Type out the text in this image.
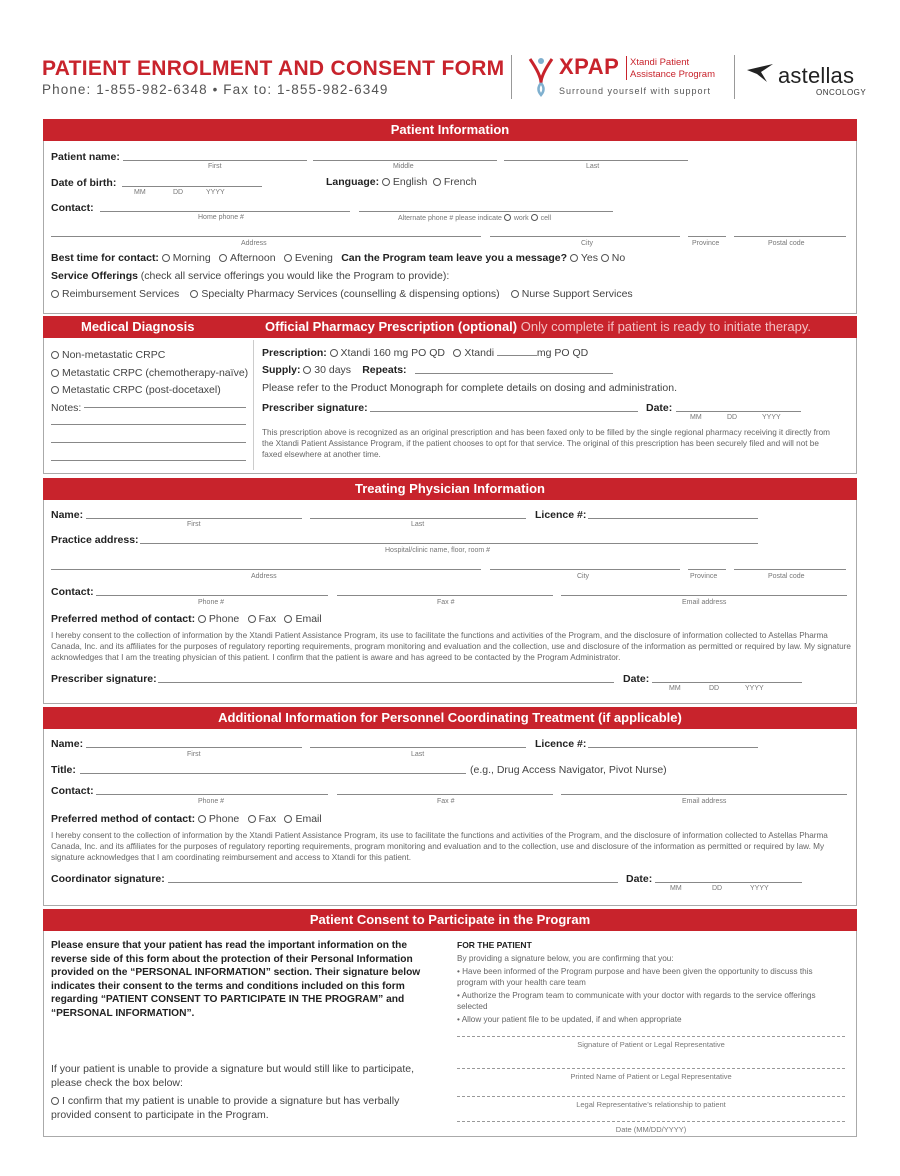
PATIENT ENROLMENT AND CONSENT FORM
Phone: 1-855-982-6348 • Fax to: 1-855-982-6349
XPAP Xtandi Patient
Assistance Program
Surround yourself with support
astellas
ONCOLOGY
Patient Information
Patient name:
First	Middle	Last
Date of birth:
MM	DD	YYYY
Language: English French
Contact:
Home phone #	Alternate phone # please indicate work cell
Address	City	Province	Postal code
Best time for contact: Morning Afternoon Evening Can the Program team leave you a message? Yes No
Service Offerings (check all service offerings you would like the Program to provide):
Reimbursement Services Specialty Pharmacy Services (counselling & dispensing options) Nurse Support Services
Medical Diagnosis	Official Pharmacy Prescription (optional) Only complete if patient is ready to initiate therapy.
Non-metastatic CRPC
Metastatic CRPC (chemotherapy-naïve)
Metastatic CRPC (post-docetaxel)
Notes:
Prescription: Xtandi 160 mg PO QD Xtandi	mg PO QD
Supply: 30 days Repeats:
Please refer to the Product Monograph for complete details on dosing and administration.
Prescriber signature:	Date:
MM	DD	YYYY
This prescription above is recognized as an original prescription and has been faxed only to be filled by the single regional pharmacy receiving it directly from the Xtandi Patient Assistance Program, if the patient chooses to opt for that service. The original of this prescription has been securely filed and will not be faxed elsewhere at another time.
Treating Physician Information
Name:
First	Last
Licence #:
Practice address:
Hospital/clinic name, floor, room #
Address	City	Province	Postal code
Contact:
Phone #	Fax #	Email address
Preferred method of contact: Phone Fax Email
I hereby consent to the collection of information by the Xtandi Patient Assistance Program, its use to facilitate the functions and activities of the Program, and the disclosure of information collected to Astellas Pharma Canada, Inc. and its affiliates for the purposes of regulatory reporting requirements, program monitoring and evaluation and the collection, use and disclosure of the information as permitted or required by law. My signature acknowledges that I am the treating physician of this patient. I confirm that the patient is aware and has agreed to be contacted by the Program Administrator.
Prescriber signature:	Date:
MM	DD	YYYY
Additional Information for Personnel Coordinating Treatment (if applicable)
Name:
First	Last
Licence #:
Title:	(e.g., Drug Access Navigator, Pivot Nurse)
Contact:
Phone #	Fax #	Email address
Preferred method of contact: Phone Fax Email
I hereby consent to the collection of information by the Xtandi Patient Assistance Program, its use to facilitate the functions and activities of the Program, and the disclosure of information collected to Astellas Pharma Canada, Inc. and its affiliates for the purposes of regulatory reporting requirements, program monitoring and evaluation and to the collection, use and disclosure of the information as permitted or required by law. My signature acknowledges that I am coordinating reimbursement and access to Xtandi for this patient.
Coordinator signature:	Date:
MM	DD	YYYY
Patient Consent to Participate in the Program
Please ensure that your patient has read the important information on the reverse side of this form about the protection of their Personal Information provided on the “PERSONAL INFORMATION” section. Their signature below indicates their consent to the terms and conditions included on this form regarding “PATIENT CONSENT TO PARTICIPATE IN THE PROGRAM” and “PERSONAL INFORMATION”.
If your patient is unable to provide a signature but would still like to participate, please check the box below:
I confirm that my patient is unable to provide a signature but has verbally provided consent to participate in the Program.
FOR THE PATIENT
By providing a signature below, you are confirming that you:
• Have been informed of the Program purpose and have been given the opportunity to discuss this program with your health care team
• Authorize the Program team to communicate with your doctor with regards to the service offerings selected
• Allow your patient file to be updated, if and when appropriate
Signature of Patient or Legal Representative
Printed Name of Patient or Legal Representative
Legal Representative’s relationship to patient
Date (MM/DD/YYYY)
